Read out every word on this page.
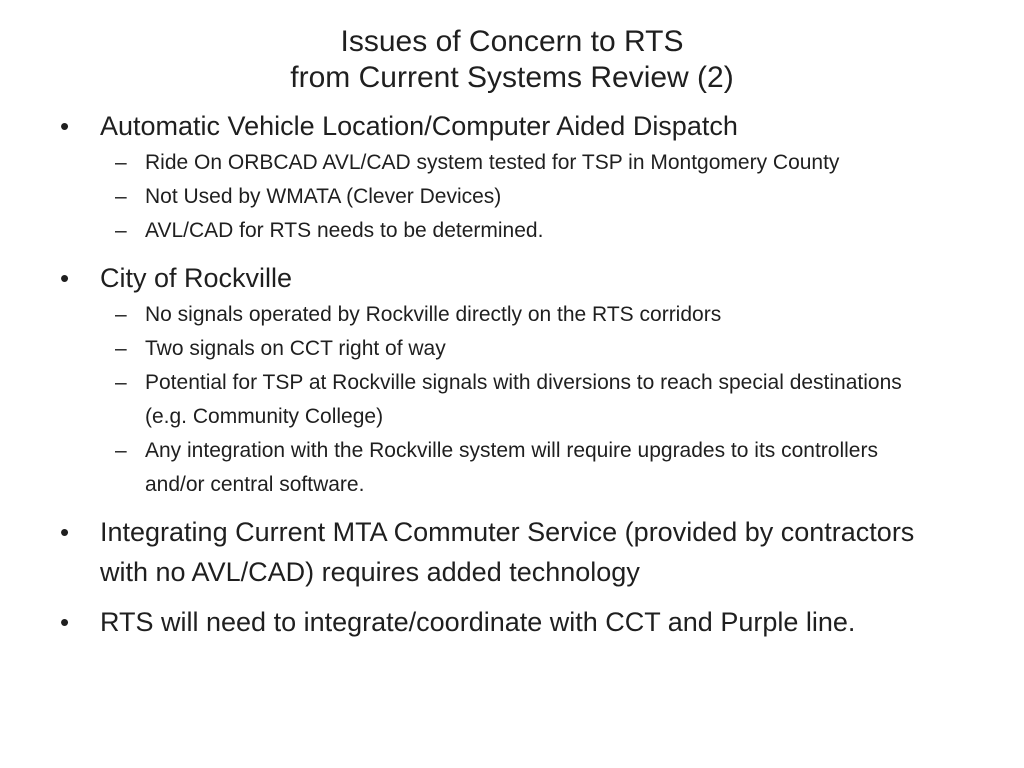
Issues of Concern to RTS
from Current Systems Review (2)
•	Automatic Vehicle Location/Computer Aided Dispatch
– Ride On ORBCAD AVL/CAD system tested for TSP in Montgomery County
– Not Used by WMATA (Clever Devices)
– AVL/CAD for RTS needs to be determined.
•	City of Rockville
– No signals operated by Rockville directly on the RTS corridors
– Two signals on CCT right of way
– Potential for TSP at Rockville signals with diversions to reach special destinations (e.g. Community College)
– Any integration with the Rockville system will require upgrades to its controllers and/or central software.
•	Integrating Current MTA Commuter Service (provided by contractors with no AVL/CAD) requires added technology
•	RTS will need to integrate/coordinate with CCT and Purple line.
